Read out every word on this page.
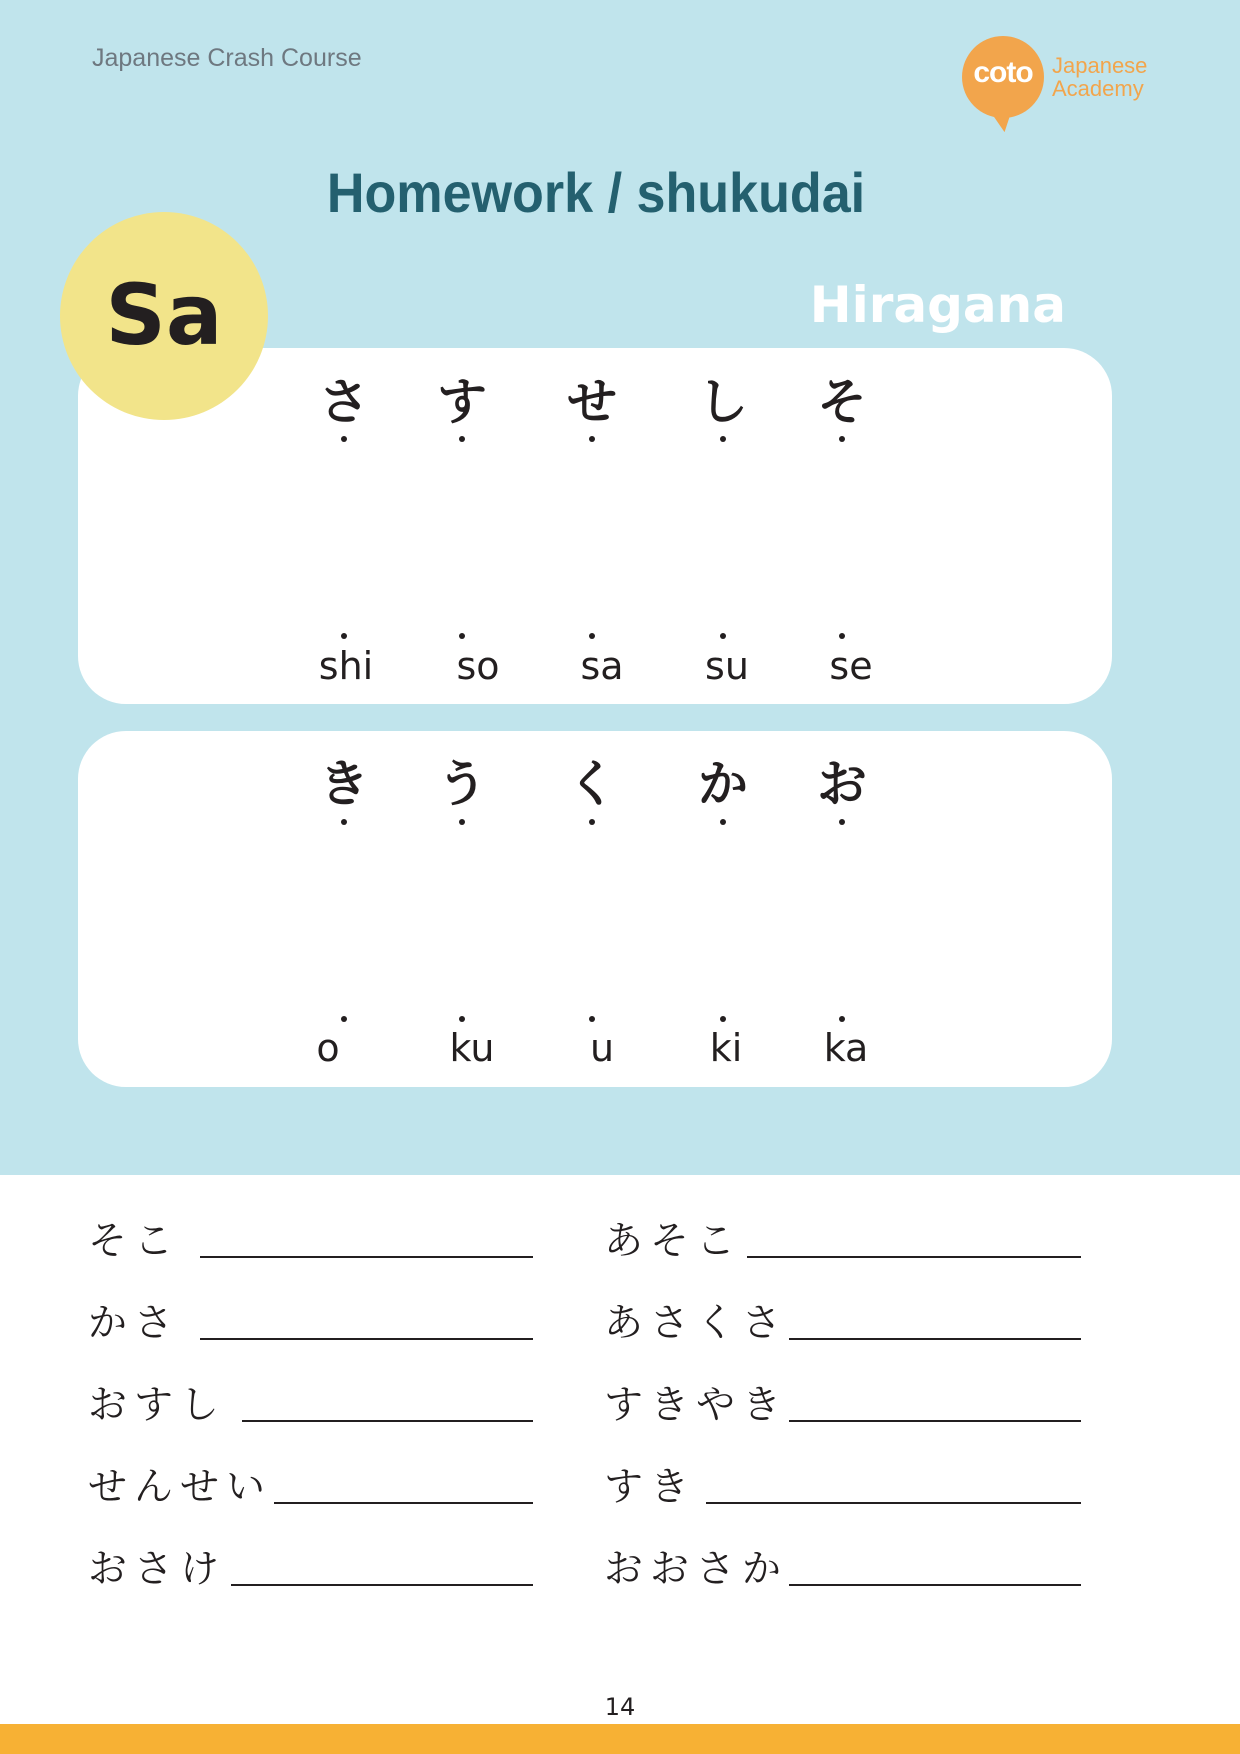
Japanese Crash Course	coto Japanese
Academy
Homework / shukudai
Hiragana
Sa
さ	す	せ	し	そ
shi	so	sa	su	se
き	う	く	か	お
o	ku	u	ki	ka
そこ
かさ
おすし
せんせい
おさけ
あそこ
あさくさ
すきやき
すき
おおさか
14
